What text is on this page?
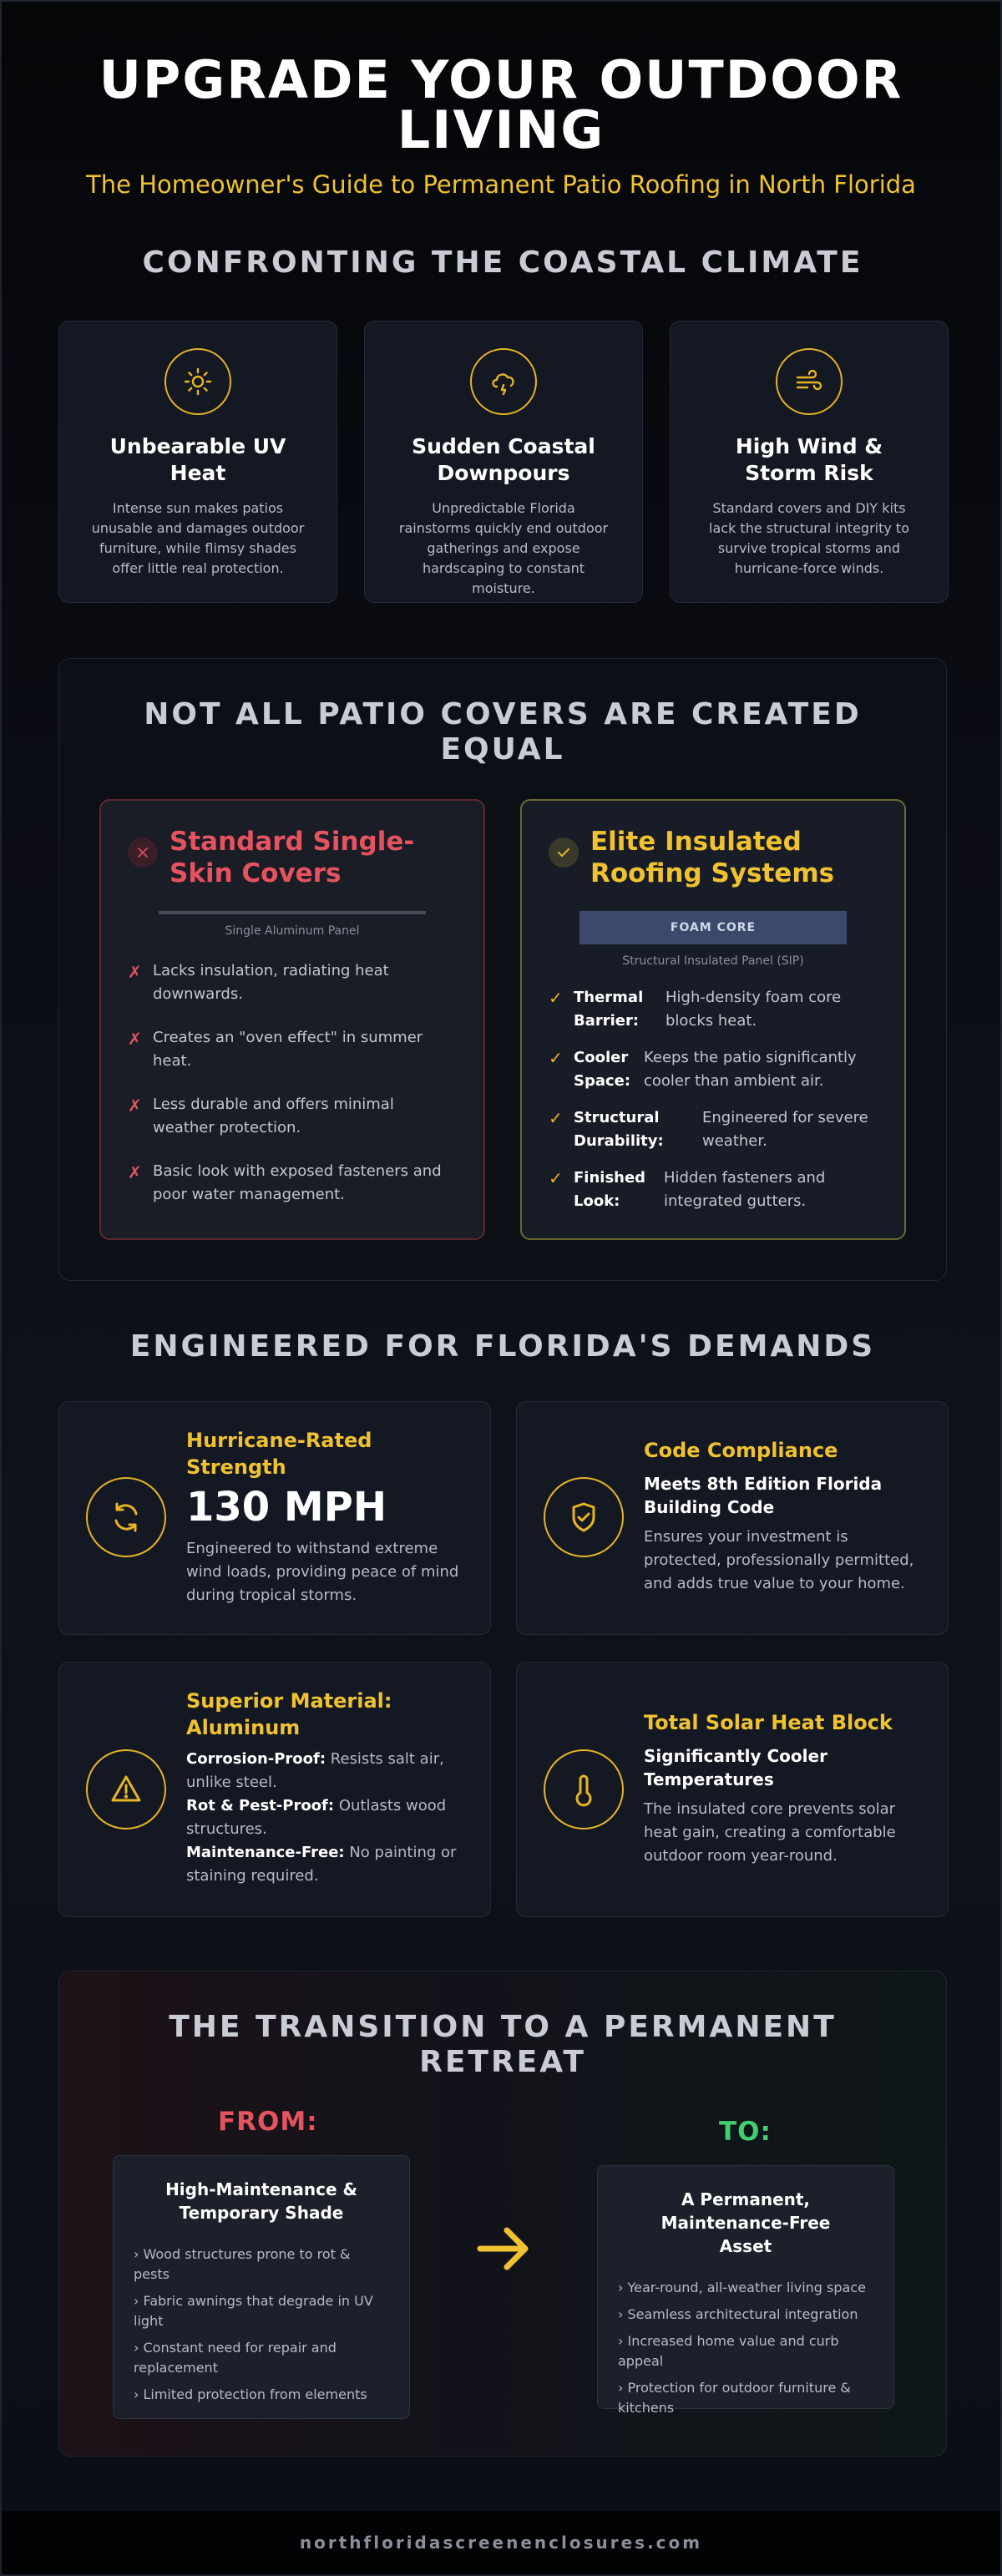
UPGRADE YOUR OUTDOOR LIVING
The Homeowner's Guide to Permanent Patio Roofing in North Florida
CONFRONTING THE COASTAL CLIMATE
Unbearable UV Heat

Intense sun makes patios unusable and damages outdoor furniture, while flimsy shades offer little real protection.

Sudden Coastal Downpours

Unpredictable Florida rainstorms quickly end outdoor gatherings and expose hardscaping to constant moisture.

High Wind & Storm Risk

Standard covers and DIY kits lack the structural integrity to survive tropical storms and hurricane-force winds.

NOT ALL PATIO COVERS ARE CREATED EQUAL
Standard Single-Skin Covers
Single Aluminum Panel
✗ Lacks insulation, radiating heat downwards.
✗ Creates an "oven effect" in summer heat.
✗ Less durable and offers minimal weather protection.
✗ Basic look with exposed fasteners and poor water management.
Elite Insulated Roofing Systems
FOAM CORE
Structural Insulated Panel (SIP)
✓ Thermal Barrier:
High-density foam core blocks heat.
✓ Cooler Space:
Keeps the patio significantly cooler than ambient air.
✓ Structural Durability:
Engineered for severe weather.
✓ Finished Look:
Hidden fasteners and integrated gutters.
ENGINEERED FOR FLORIDA'S DEMANDS
Hurricane-Rated Strength
130 MPH
Engineered to withstand extreme wind loads, providing peace of mind during tropical storms.
Code Compliance
Meets 8th Edition Florida Building Code
Ensures your investment is protected, professionally permitted, and adds true value to your home.
Superior Material: Aluminum
Corrosion-Proof: Resists salt air, unlike steel.
Rot & Pest-Proof: Outlasts wood structures.
Maintenance-Free: No painting or staining required.
Total Solar Heat Block
Significantly Cooler Temperatures
The insulated core prevents solar heat gain, creating a comfortable outdoor room year-round.
THE TRANSITION TO A PERMANENT RETREAT
FROM:	TO:
High-Maintenance & Temporary Shade
› Wood structures prone to rot & pests
› Fabric awnings that degrade in UV light
› Constant need for repair and replacement
› Limited protection from elements
A Permanent, Maintenance-Free Asset
› Year-round, all-weather living space
› Seamless architectural integration
› Increased home value and curb appeal
› Protection for outdoor furniture & kitchens
northfloridascreenenclosures.com
